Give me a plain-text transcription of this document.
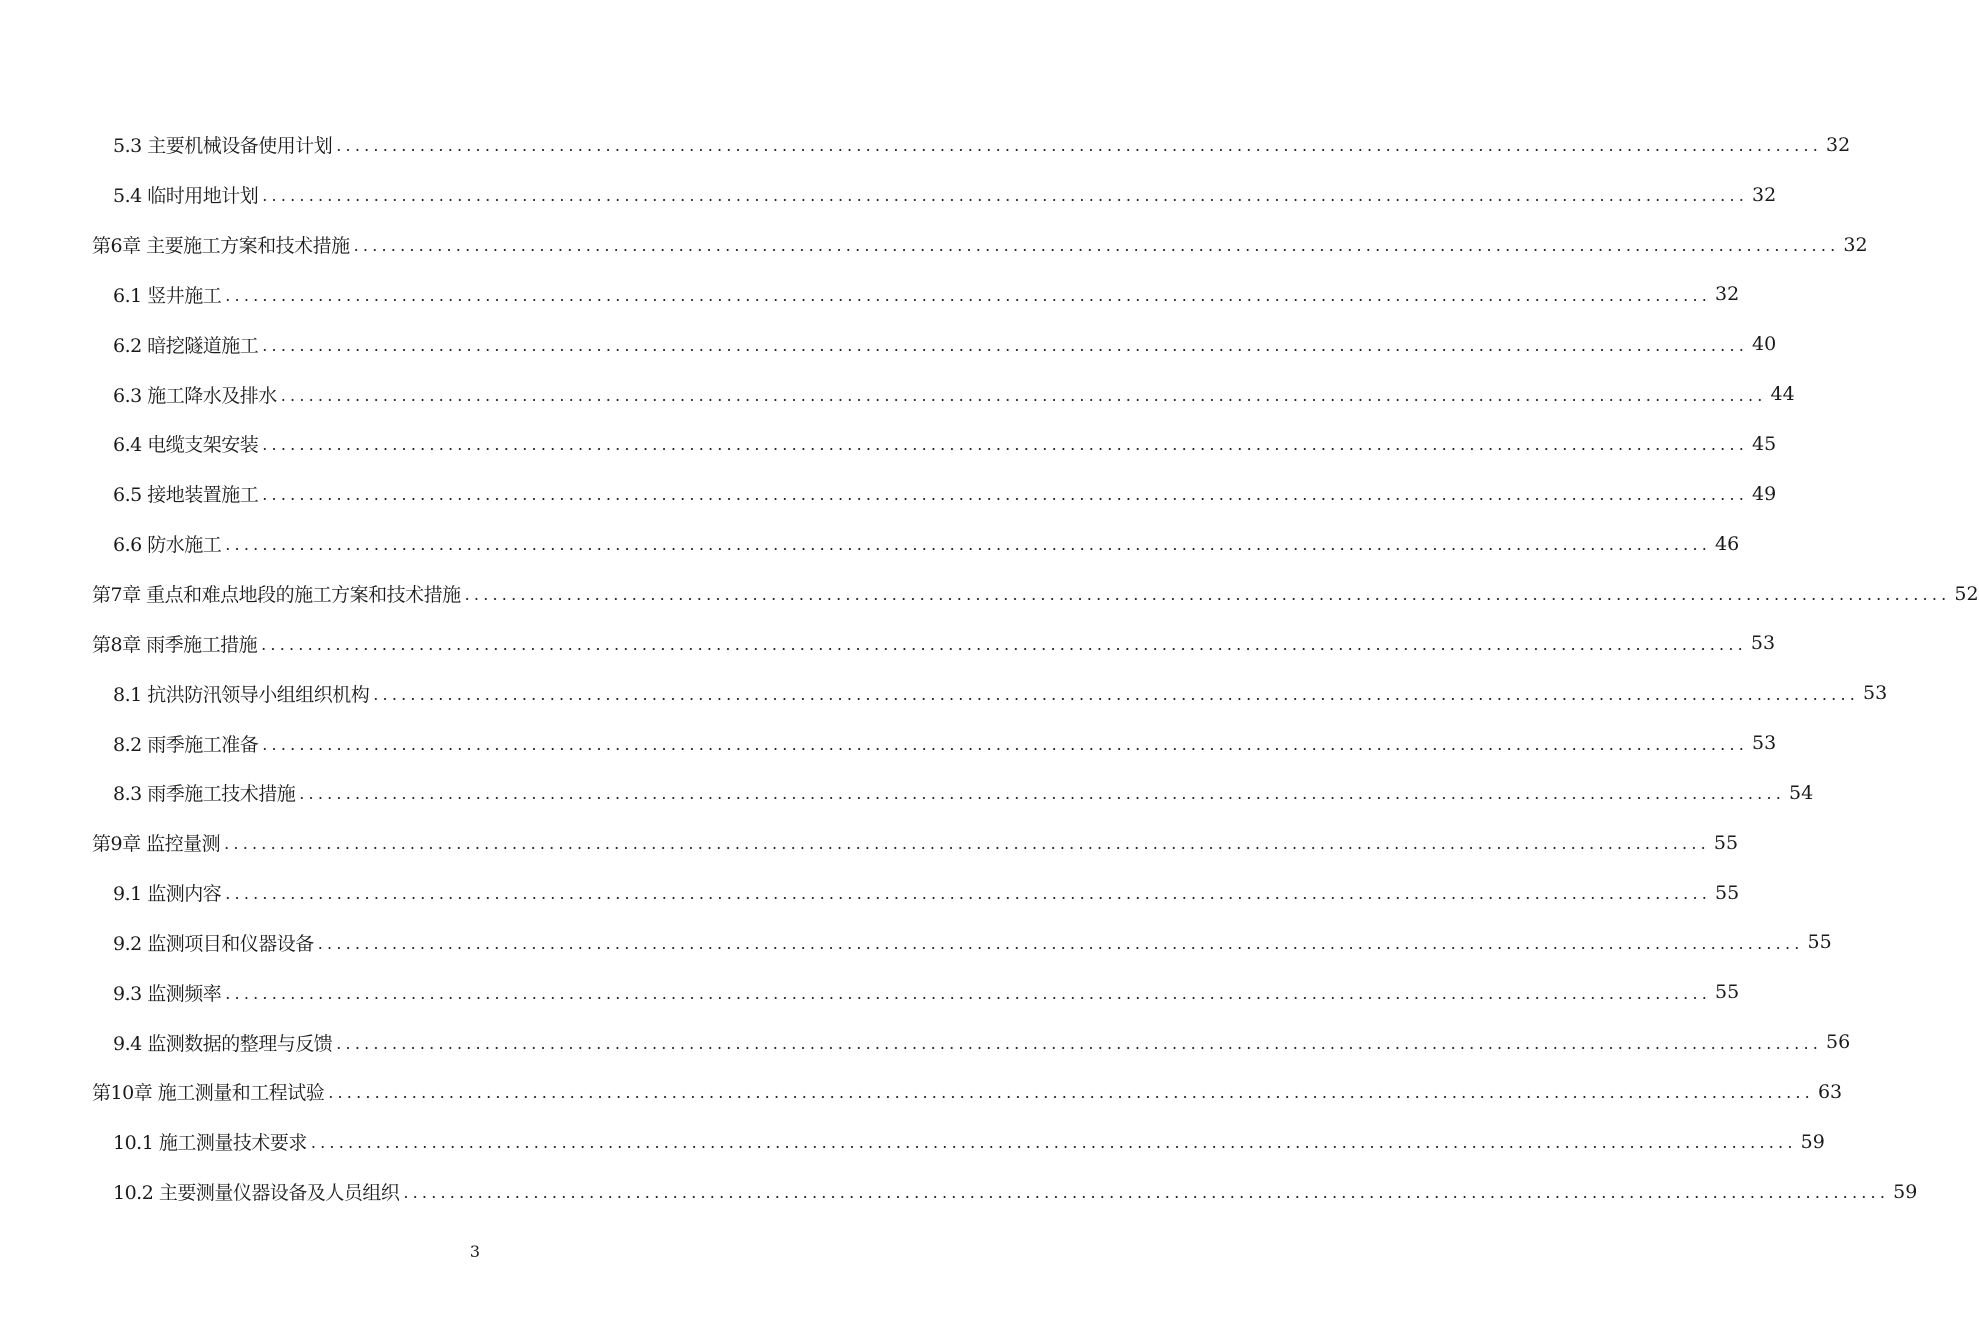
5.3 主要机械设备使用计划 ................................................................................................................................................................ 32
5.4 临时用地计划 ................................................................................................................................................................ 32
第6章 主要施工方案和技术措施 ................................................................................................................................................................ 32
6.1 竖井施工 ................................................................................................................................................................ 32
6.2 暗挖隧道施工 ................................................................................................................................................................ 40
6.3 施工降水及排水 ................................................................................................................................................................ 44
6.4 电缆支架安装 ................................................................................................................................................................ 45
6.5 接地装置施工 ................................................................................................................................................................ 49
6.6 防水施工 ................................................................................................................................................................ 46
第7章 重点和难点地段的施工方案和技术措施 ................................................................................................................................................................ 52
第8章 雨季施工措施 ................................................................................................................................................................ 53
8.1 抗洪防汛领导小组组织机构 ................................................................................................................................................................ 53
8.2 雨季施工准备 ................................................................................................................................................................ 53
8.3 雨季施工技术措施 ................................................................................................................................................................ 54
第9章 监控量测 ................................................................................................................................................................ 55
9.1 监测内容 ................................................................................................................................................................ 55
9.2 监测项目和仪器设备 ................................................................................................................................................................ 55
9.3 监测频率 ................................................................................................................................................................ 55
9.4 监测数据的整理与反馈 ................................................................................................................................................................ 56
第10章 施工测量和工程试验 ................................................................................................................................................................ 63
10.1 施工测量技术要求 ................................................................................................................................................................ 59
10.2 主要测量仪器设备及人员组织 ................................................................................................................................................................ 59
3
